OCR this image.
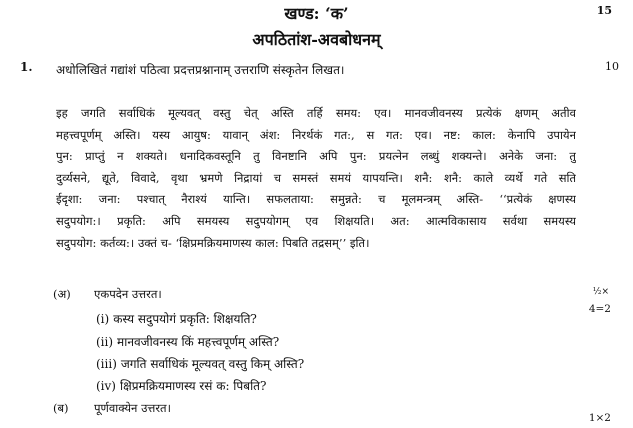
15
खण्ड: ‘क’
अपठितांश-अवबोधनम्
1. अधोलिखितं गद्यांशं पठित्वा प्रदत्तप्रश्नानाम् उत्तराणि संस्कृतेन लिखत।	10
इह जगति सर्वाधिकं मूल्यवत् वस्तु चेत् अस्ति तर्हि समय: एव। मानवजीवनस्य प्रत्येकं क्षणम् अतीव
महत्त्वपूर्णम् अस्ति। यस्य आयुष: यावान् अंश: निरर्थकं गत:, स गत: एव। नष्ट: काल: केनापि उपायेन
पुन: प्राप्तुं न शक्यते। धनादिकवस्तूनि तु विनष्टानि अपि पुन: प्रयत्नेन लब्धुं शक्यन्ते। अनेके जना: तु
दुर्व्यसने, द्यूते, विवादे, वृथा भ्रमणे निद्रायां च समस्तं समयं यापयन्ति। शनै: शनै: काले व्यर्थे गते सति
ईदृशा: जना: पश्चात् नैराश्यं यान्ति। सफलताया: समुन्नते: च मूलमन्त्रम् अस्ति- ‘‘प्रत्येकं क्षणस्य
सदुपयोग:। प्रकृति: अपि समयस्य सदुपयोगम् एव शिक्षयति। अत: आत्मविकासाय सर्वथा समयस्य
सदुपयोग: कर्तव्य:। उक्तं च- ‘क्षिप्रमक्रियमाणस्य काल: पिबति तद्रसम्’’ इति।
(अ) एकपदेन उत्तरत।	½×
4=2
(i) कस्य सदुपयोगं प्रकृति: शिक्षयति?
(ii) मानवजीवनस्य किं महत्त्वपूर्णम् अस्ति?
(iii) जगति सर्वाधिकं मूल्यवत् वस्तु किम् अस्ति?
(iv) क्षिप्रमक्रियमाणस्य रसं क: पिबति?
(ब) पूर्णवाक्येन उत्तरत।
1×2
